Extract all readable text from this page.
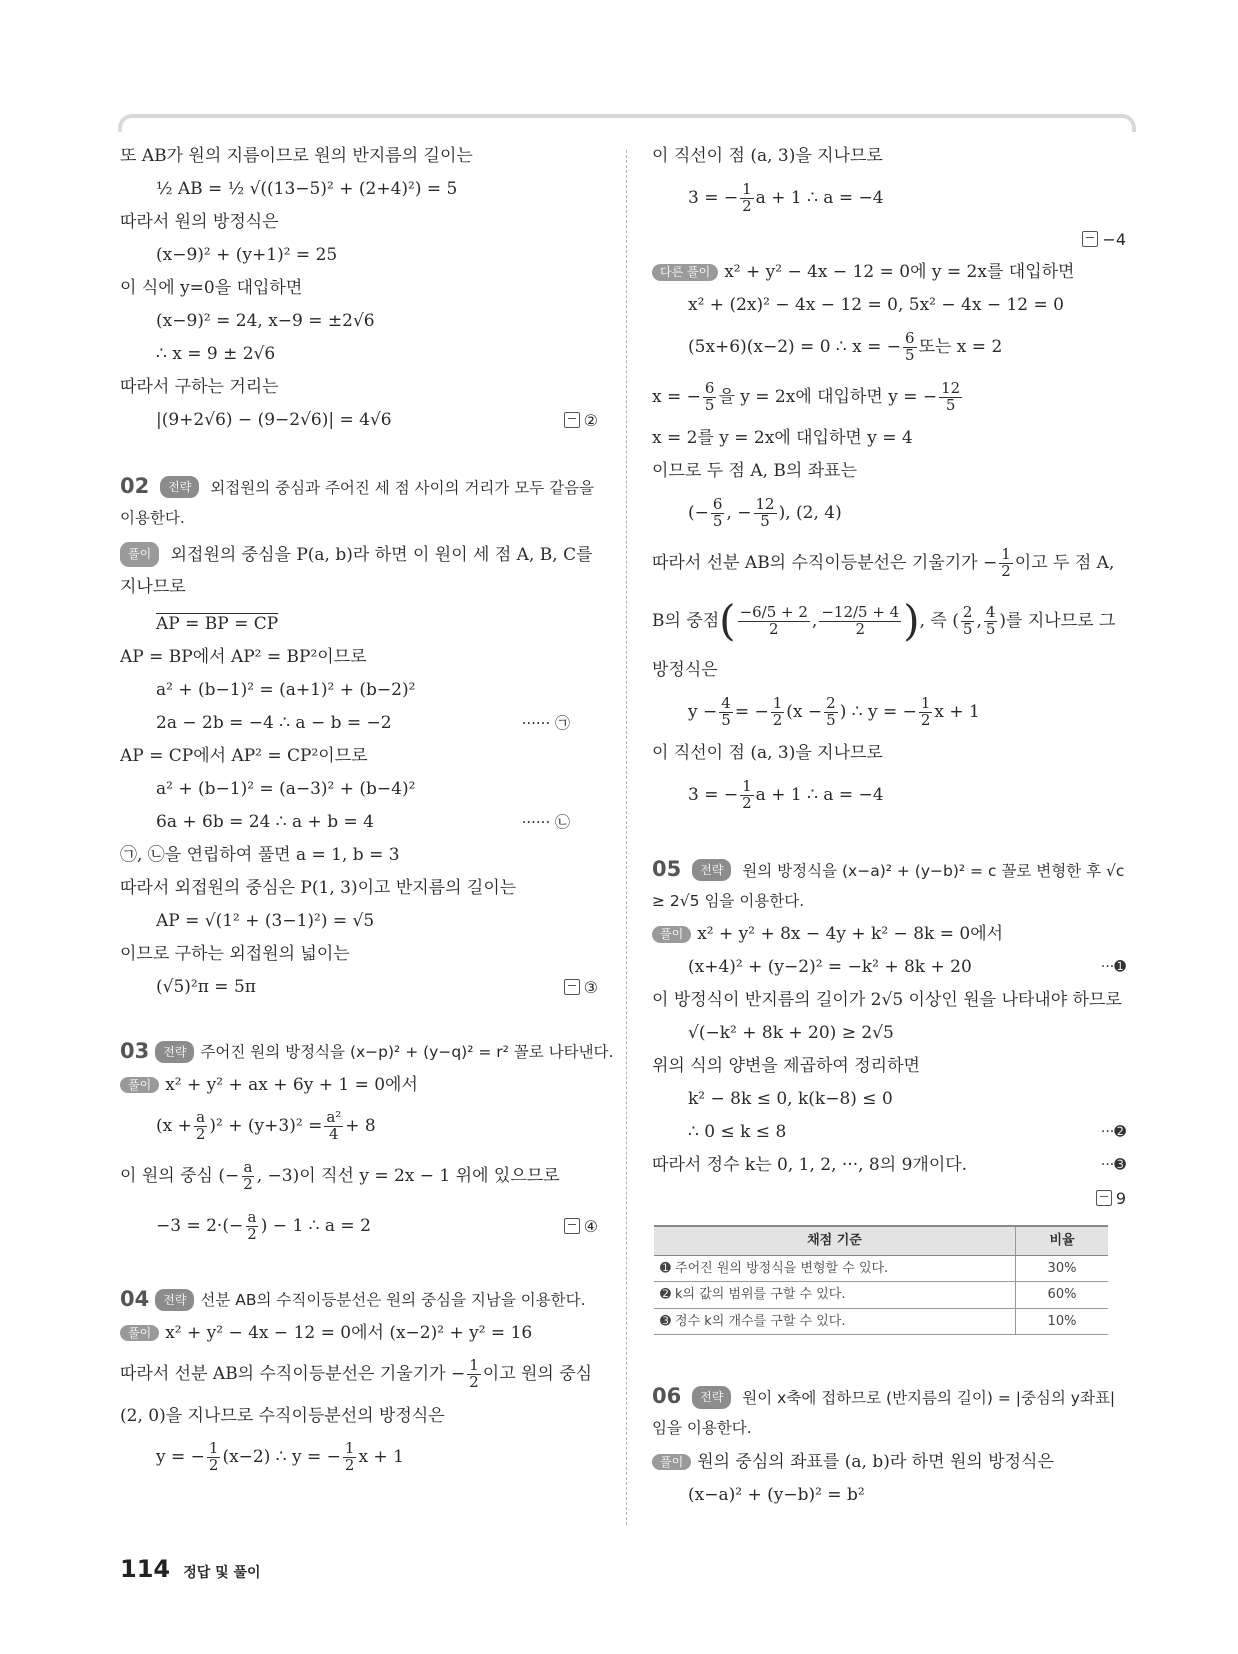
또 AB가 원의 지름이므로 원의 반지름의 길이는
½ AB = ½ √((13−5)² + (2+4)²) = 5
따라서 원의 방정식은
(x−9)² + (y+1)² = 25
이 식에 y=0을 대입하면
(x−9)² = 24, x−9 = ±2√6
∴ x = 9 ± 2√6
따라서 구하는 거리는
|(9+2√6) − (9−2√6)| = 4√6	②
02 전략 외접원의 중심과 주어진 세 점 사이의 거리가 모두 같음을 이용한다.
풀이 외접원의 중심을 P(a, b)라 하면 이 원이 세 점 A, B, C를 지나므로
AP = BP = CP
AP = BP에서 AP² = BP²이므로
a² + (b−1)² = (a+1)² + (b−2)²
2a − 2b = −4 ∴ a − b = −2	······ ㉠
AP = CP에서 AP² = CP²이므로
a² + (b−1)² = (a−3)² + (b−4)²
6a + 6b = 24 ∴ a + b = 4	······ ㉡
㉠, ㉡을 연립하여 풀면 a = 1, b = 3
따라서 외접원의 중심은 P(1, 3)이고 반지름의 길이는
AP = √(1² + (3−1)²) = √5
이므로 구하는 외접원의 넓이는
(√5)²π = 5π	③
03	전략 주어진 원의 방정식을 (x−p)² + (y−q)² = r² 꼴로 나타낸다.
풀이 x² + y² + ax + 6y + 1 = 0에서
$(x + \frac{a}{2} )^2 + (y+3)^2 = \frac{\text{a²}}{4} + 8$
이 원의 중심 (− $\frac{a}{2}$ , −3)이 직선 y = 2x − 1 위에 있으므로
$-3 = 2\cdot(- \frac{a}{2}$ ) − 1 ∴ a = 2	④
04	전략 선분 AB의 수직이등분선은 원의 중심을 지남을 이용한다.
풀이 x² + y² − 4x − 12 = 0에서 (x−2)² + y² = 16
따라서 선분 AB의 수직이등분선은 기울기가 − $\frac{1}{2}$ 이고 원의 중심
(2, 0)을 지나므로 수직이등분선의 방정식은
y = − $\frac{1}{2} (x-2)$ ∴ y = − $\frac{1}{2}$ x + 1
이 직선이 점 (a, 3)을 지나므로
3 = − $\frac{1}{2}$ a + 1 ∴ a = −4
−4
다른 풀이 x² + y² − 4x − 12 = 0에 y = 2x를 대입하면
x² + (2x)² − 4x − 12 = 0, 5x² − 4x − 12 = 0
(5x+6)(x−2) = 0 ∴ x = − $\frac{6}{5}$ 또는 x = 2
x = − $\frac{6}{5}$ 을 y = 2x에 대입하면 y = − $\frac{12}{5}$
x = 2를 y = 2x에 대입하면 y = 4
이므로 두 점 A, B의 좌표는
(− $\frac{6}{5}$ , − $\frac{12}{5}$ ), (2, 4)
따라서 선분 AB의 수직이등분선은 기울기가 − $\frac{1}{2}$ 이고 두 점 A,
B의 중점 ( $\frac{-6/5 + 2}{2}$ , $\frac{-12/5 + 4}{2}$ ) , 즉 ( $\frac{2}{5}$ , $\frac{4}{5}$ )를 지나므로 그
방정식은
$y - \frac{4}{5}$ = − $\frac{1}{2} (x - \frac{2}{5}$ ) ∴ y = − $\frac{1}{2}$ x + 1
이 직선이 점 (a, 3)을 지나므로
3 = − $\frac{1}{2}$ a + 1 ∴ a = −4
05 전략 원의 방정식을 (x−a)² + (y−b)² = c 꼴로 변형한 후 √c ≥ 2√5 임을 이용한다.
풀이 x² + y² + 8x − 4y + k² − 8k = 0에서
(x+4)² + (y−2)² = −k² + 8k + 20	···➊
이 방정식이 반지름의 길이가 2√5 이상인 원을 나타내야 하므로
√(−k² + 8k + 20) ≥ 2√5
위의 식의 양변을 제곱하여 정리하면
k² − 8k ≤ 0, k(k−8) ≤ 0
∴ 0 ≤ k ≤ 8	···➋
따라서 정수 k는 0, 1, 2, ···, 8의 9개이다.	···➌
9
채점 기준	비율
➊ 주어진 원의 방정식을 변형할 수 있다.	30%
➋ k의 값의 범위를 구할 수 있다.	60%
➌ 정수 k의 개수를 구할 수 있다.	10%
06 전략 원이 x축에 접하므로 (반지름의 길이) = |중심의 y좌표| 임을 이용한다.
풀이 원의 중심의 좌표를 (a, b)라 하면 원의 방정식은
(x−a)² + (y−b)² = b²
114 정답 및 풀이
